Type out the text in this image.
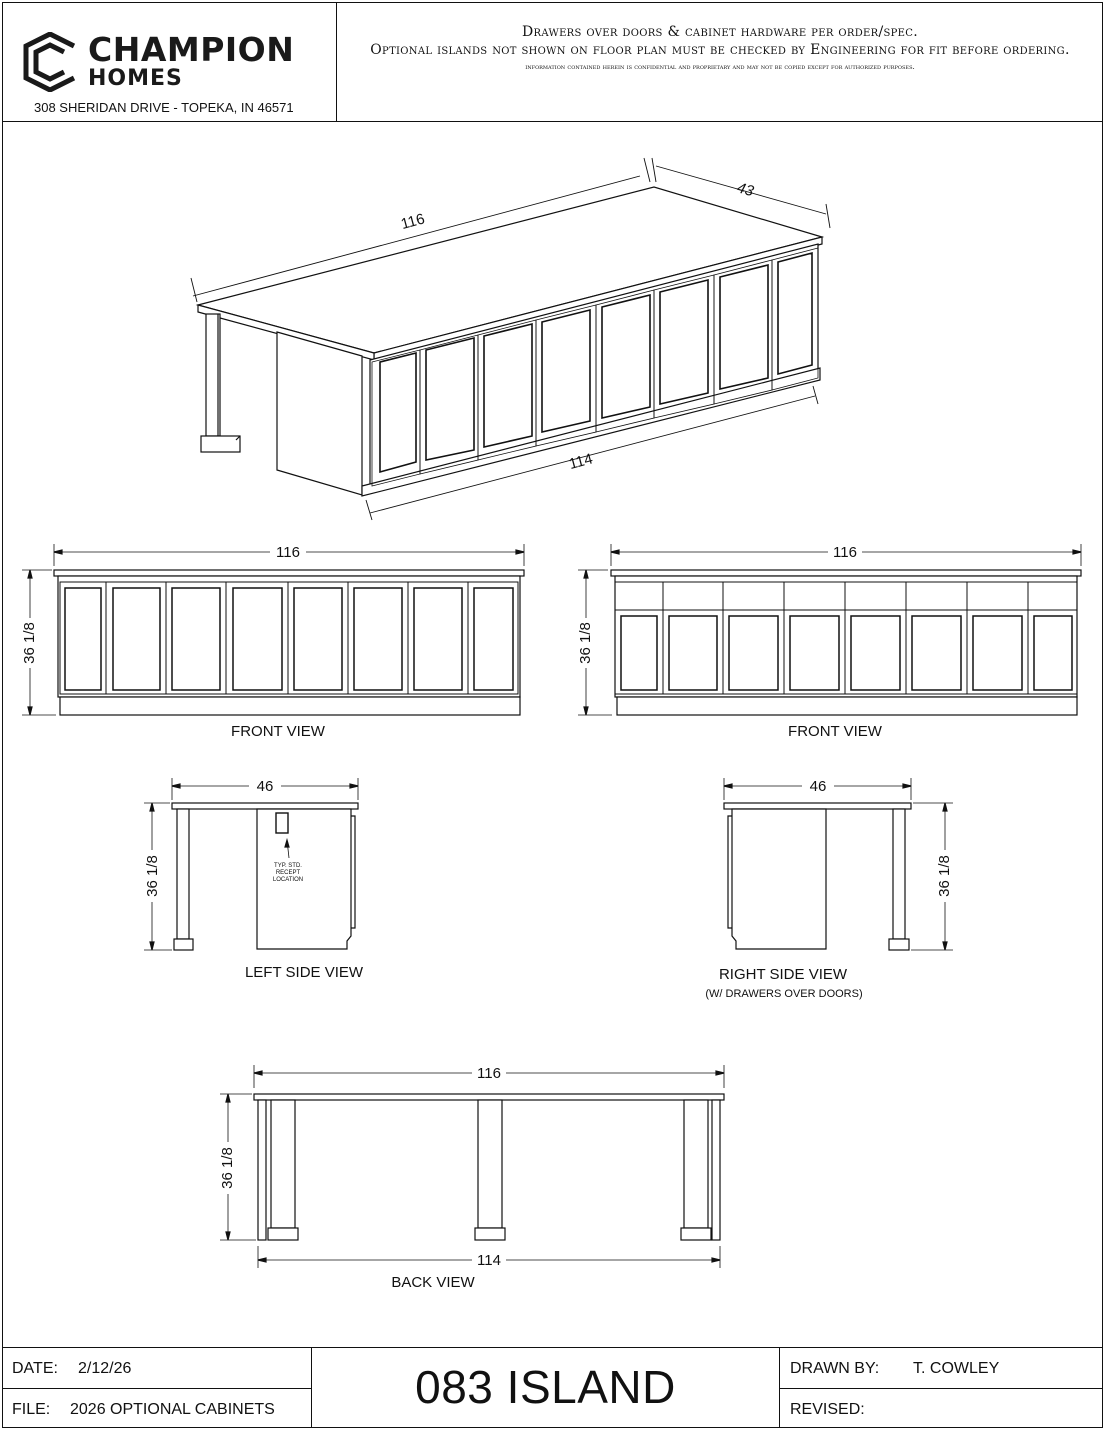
CHAMPION
HOMES
308 SHERIDAN DRIVE - TOPEKA, IN 46571
Drawers over doors & cabinet hardware per order/spec.
Optional islands not shown on floor plan must be checked by Engineering for fit before ordering.
information contained herein is confidential and proprietary and may not be copied except for authorized purposes.
116
43
114
116
36 1/8
FRONT VIEW
116
36 1/8
FRONT VIEW
46
36 1/8	TYP. STD.
RECEPT
LOCATION
LEFT SIDE VIEW
46
36 1/8
RIGHT SIDE VIEW
(W/ DRAWERS OVER DOORS)
116
36 1/8
114
BACK VIEW
DATE: 2/12/26
FILE: 2026 OPTIONAL CABINETS	083 ISLAND	DRAWN BY: T. COWLEY
REVISED:
